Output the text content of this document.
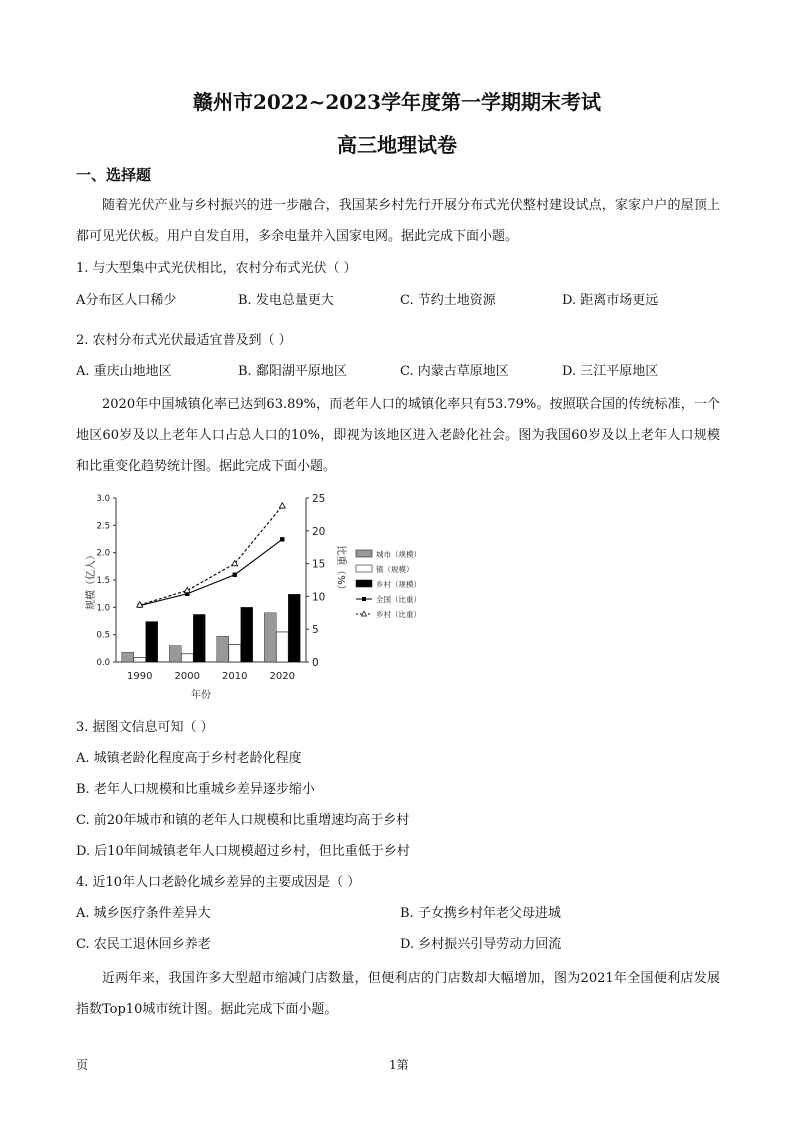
赣州市2022~2023学年度第一学期期末考试
高三地理试卷
一、选择题
随着光伏产业与乡村振兴的进一步融合，我国某乡村先行开展分布式光伏整村建设试点，家家户户的屋顶上都可见光伏板。用户自发自用，多余电量并入国家电网。据此完成下面小题。
1. 与大型集中式光伏相比，农村分布式光伏（ ）
A分布区人口稀少	B. 发电总量更大	C. 节约土地资源	D. 距离市场更远
2. 农村分布式光伏最适宜普及到（ ）
A. 重庆山地地区	B. 鄱阳湖平原地区	C. 内蒙古草原地区	D. 三江平原地区
2020年中国城镇化率已达到63.89%，而老年人口的城镇化率只有53.79%。按照联合国的传统标准，一个地区60岁及以上老年人口占总人口的10%，即视为该地区进入老龄化社会。图为我国60岁及以上老年人口规模和比重变化趋势统计图。据此完成下面小题。
0.0
0.5
1.0
1.5
2.0
2.5
3.0
0
5
10
15
20
25
规模（亿人）	比重（%）
年份
1990 2000 2010 2020
城市（规模）
镇（规模）
乡村（规模）
全国（比重）
乡村（比重）
3. 据图文信息可知（ ）
A. 城镇老龄化程度高于乡村老龄化程度
B. 老年人口规模和比重城乡差异逐步缩小
C. 前20年城市和镇的老年人口规模和比重增速均高于乡村
D. 后10年间城镇老年人口规模超过乡村，但比重低于乡村
4. 近10年人口老龄化城乡差异的主要成因是（ ）
A. 城乡医疗条件差异大	B. 子女携乡村年老父母进城
C. 农民工退休回乡养老	D. 乡村振兴引导劳动力回流
近两年来，我国许多大型超市缩减门店数量，但便利店的门店数却大幅增加，图为2021年全国便利店发展指数Top10城市统计图。据此完成下面小题。
页	1第
